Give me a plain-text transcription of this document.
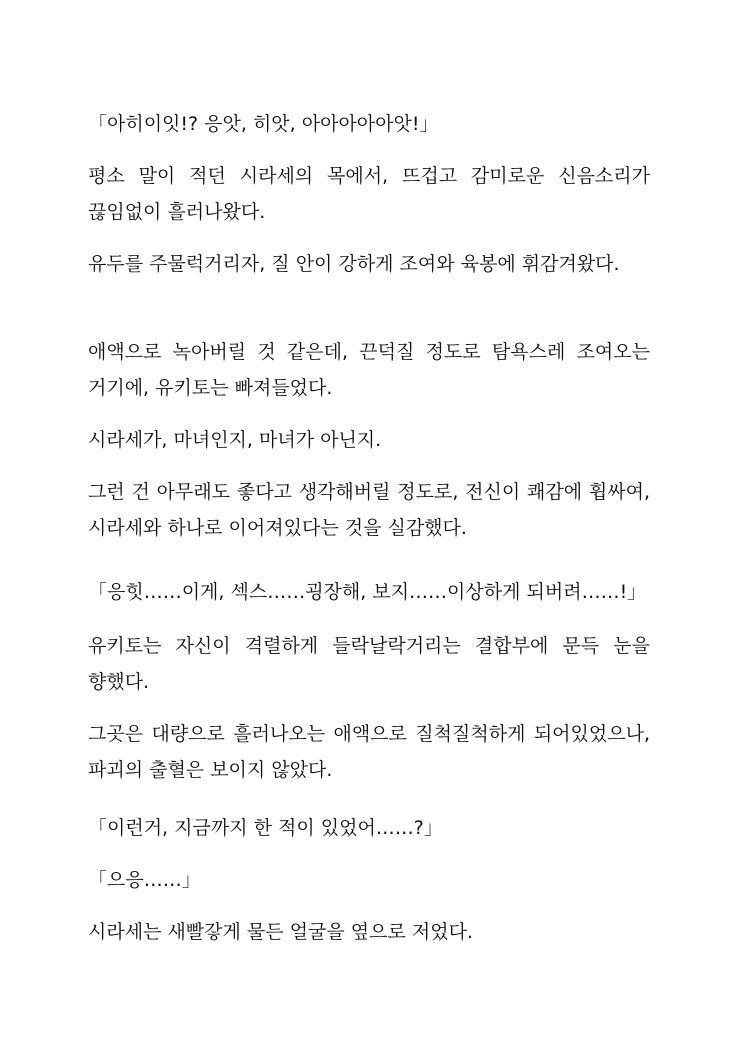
「아히이잇!? 응앗, 히앗, 아아아아아앗!」

평소 말이 적던 시라세의 목에서, 뜨겁고 감미로운 신음소리가 끊임없이 흘러나왔다.

유두를 주물럭거리자, 질 안이 강하게 조여와 육봉에 휘감겨왔다.

애액으로 녹아버릴 것 같은데, 끈덕질 정도로 탐욕스레 조여오는 거기에, 유키토는 빠져들었다.

시라세가, 마녀인지, 마녀가 아닌지.

그런 건 아무래도 좋다고 생각해버릴 정도로, 전신이 쾌감에 휩싸여, 시라세와 하나로 이어져있다는 것을 실감했다.

「응힛……이게, 섹스……굉장해, 보지……이상하게 되버려……!」

유키토는 자신이 격렬하게 들락날락거리는 결합부에 문득 눈을 향했다.

그곳은 대량으로 흘러나오는 애액으로 질척질척하게 되어있었으나, 파괴의 출혈은 보이지 않았다.

「이런거, 지금까지 한 적이 있었어……?」

「으응……」

시라세는 새빨갛게 물든 얼굴을 옆으로 저었다.
